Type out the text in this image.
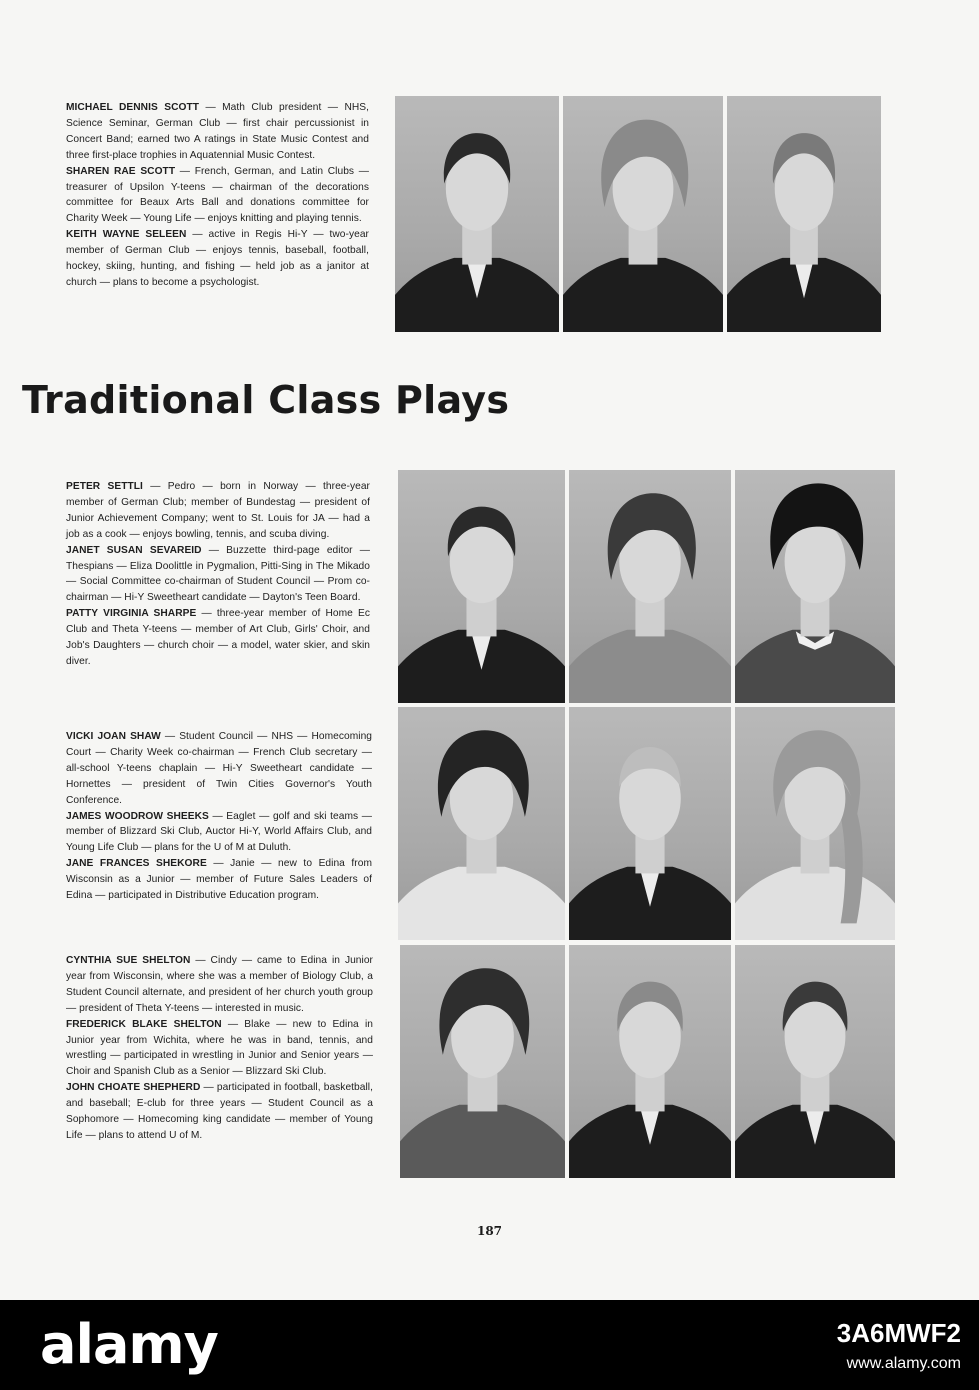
MICHAEL DENNIS SCOTT — Math Club president — NHS, Science Seminar, German Club — first chair percussionist in Concert Band; earned two A ratings in State Music Contest and three first-place trophies in Aquatennial Music Contest.

SHAREN RAE SCOTT — French, German, and Latin Clubs — treasurer of Upsilon Y-teens — chairman of the decorations committee for Beaux Arts Ball and donations committee for Charity Week — Young Life — enjoys knitting and playing tennis.

KEITH WAYNE SELEEN — active in Regis Hi-Y — two-year member of German Club — enjoys tennis, baseball, football, hockey, skiing, hunting, and fishing — held job as a janitor at church — plans to become a psychologist.

Traditional Class Plays

PETER SETTLI — Pedro — born in Norway — three-year member of German Club; member of Bundestag — president of Junior Achievement Company; went to St. Louis for JA — had a job as a cook — enjoys bowling, tennis, and scuba diving.

JANET SUSAN SEVAREID — Buzzette third-page editor — Thespians — Eliza Doolittle in Pygmalion, Pitti-Sing in The Mikado — Social Committee co-chairman of Student Council — Prom co-chairman — Hi-Y Sweetheart candidate — Dayton's Teen Board.

PATTY VIRGINIA SHARPE — three-year member of Home Ec Club and Theta Y-teens — member of Art Club, Girls' Choir, and Job's Daughters — church choir — a model, water skier, and skin diver.

VICKI JOAN SHAW — Student Council — NHS — Homecoming Court — Charity Week co-chairman — French Club secretary — all-school Y-teens chaplain — Hi-Y Sweetheart candidate — Hornettes — president of Twin Cities Governor's Youth Conference.

JAMES WOODROW SHEEKS — Eaglet — golf and ski teams — member of Blizzard Ski Club, Auctor Hi-Y, World Affairs Club, and Young Life Club — plans for the U of M at Duluth.

JANE FRANCES SHEKORE — Janie — new to Edina from Wisconsin as a Junior — member of Future Sales Leaders of Edina — participated in Distributive Education program.

CYNTHIA SUE SHELTON — Cindy — came to Edina in Junior year from Wisconsin, where she was a member of Biology Club, a Student Council alternate, and president of her church youth group — president of Theta Y-teens — interested in music.

FREDERICK BLAKE SHELTON — Blake — new to Edina in Junior year from Wichita, where he was in band, tennis, and wrestling — participated in wrestling in Junior and Senior years — Choir and Spanish Club as a Senior — Blizzard Ski Club.

JOHN CHOATE SHEPHERD — participated in football, basketball, and baseball; E-club for three years — Student Council as a Sophomore — Homecoming king candidate — member of Young Life — plans to attend U of M.

187
alamy	3A6MWF2
www.alamy.com
